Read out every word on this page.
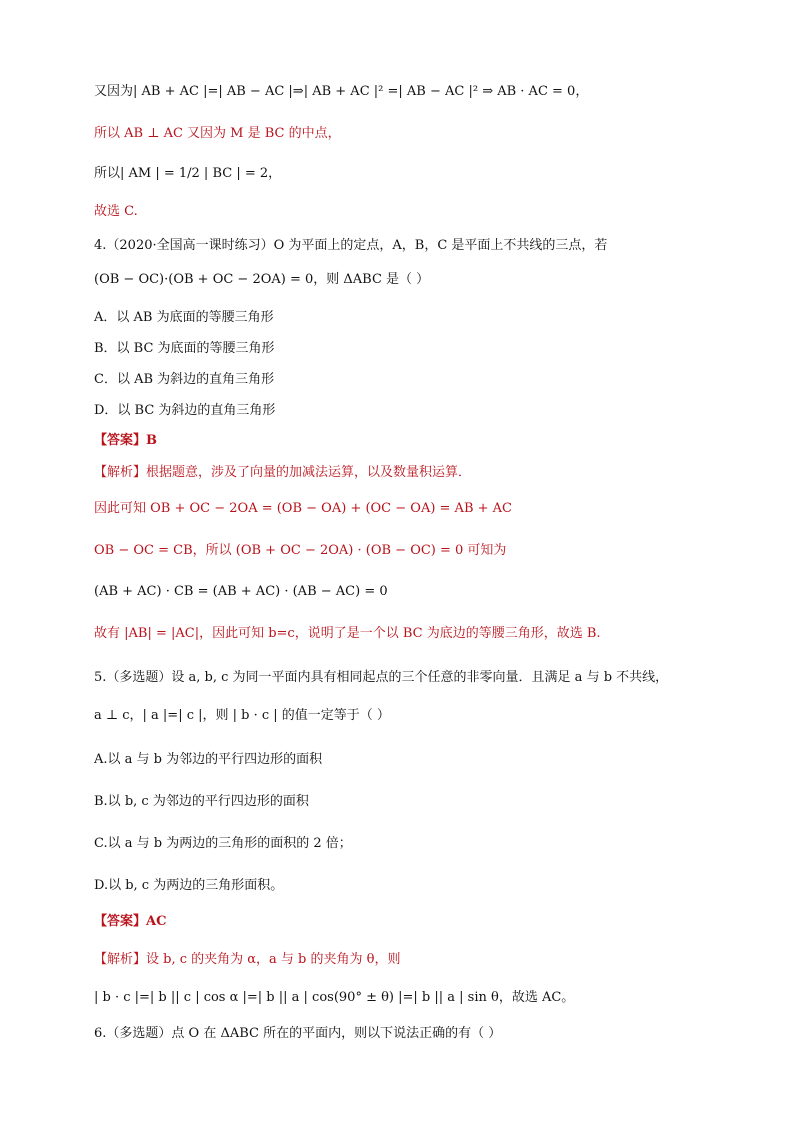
又因为| AB + AC |=| AB − AC |⇒| AB + AC |² =| AB − AC |² ⇒ AB · AC = 0，
所以 AB ⊥ AC 又因为 M 是 BC 的中点，
所以| AM | = 1/2 | BC | = 2，
故选 C.
4.（2020·全国高一课时练习）O 为平面上的定点，A，B，C 是平面上不共线的三点，若
(OB − OC)·(OB + OC − 2OA) = 0，则 ΔABC 是（ ）
A．以 AB 为底面的等腰三角形
B．以 BC 为底面的等腰三角形
C．以 AB 为斜边的直角三角形
D．以 BC 为斜边的直角三角形
【答案】B
【解析】根据题意，涉及了向量的加减法运算，以及数量积运算．
因此可知 OB + OC − 2OA = (OB − OA) + (OC − OA) = AB + AC
OB − OC = CB，所以 (OB + OC − 2OA) · (OB − OC) = 0 可知为
(AB + AC) · CB = (AB + AC) · (AB − AC) = 0
故有 |AB| = |AC|，因此可知 b=c，说明了是一个以 BC 为底边的等腰三角形，故选 B.
5.（多选题）设 a, b, c 为同一平面内具有相同起点的三个任意的非零向量．且满足 a 与 b 不共线，
a ⊥ c，| a |=| c |，则 | b · c | 的值一定等于（ ）
A.以 a 与 b 为邻边的平行四边形的面积
B.以 b, c 为邻边的平行四边形的面积
C.以 a 与 b 为两边的三角形的面积的 2 倍；
D.以 b, c 为两边的三角形面积。
【答案】AC
【解析】设 b, c 的夹角为 α，a 与 b 的夹角为 θ，则
| b · c |=| b || c | cos α |=| b || a | cos(90° ± θ) |=| b || a | sin θ，故选 AC。
6.（多选题）点 O 在 ΔABC 所在的平面内，则以下说法正确的有（ ）
